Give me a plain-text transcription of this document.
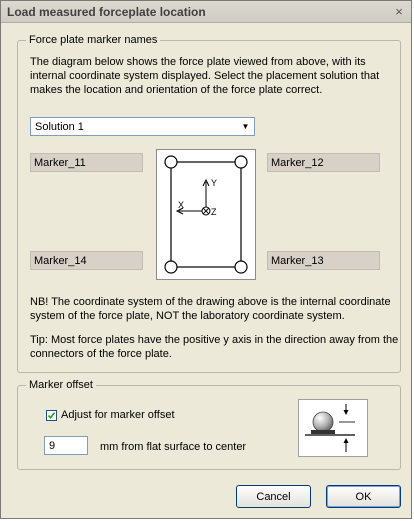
Load measured forceplate location	×
Force plate marker names
The diagram below shows the force plate viewed from above, with its internal coordinate system displayed. Select the placement solution that makes the location and orientation of the force plate correct.
Solution 1	▼
Marker_11	Marker_12
Marker_14	Marker_13
Y
X
Z
NB! The coordinate system of the drawing above is the internal coordinate system of the force plate, NOT the laboratory coordinate system.
Tip: Most force plates have the positive y axis in the direction away from the connectors of the force plate.
Marker offset
Adjust for marker offset
9
mm from flat surface to center
Cancel	OK
